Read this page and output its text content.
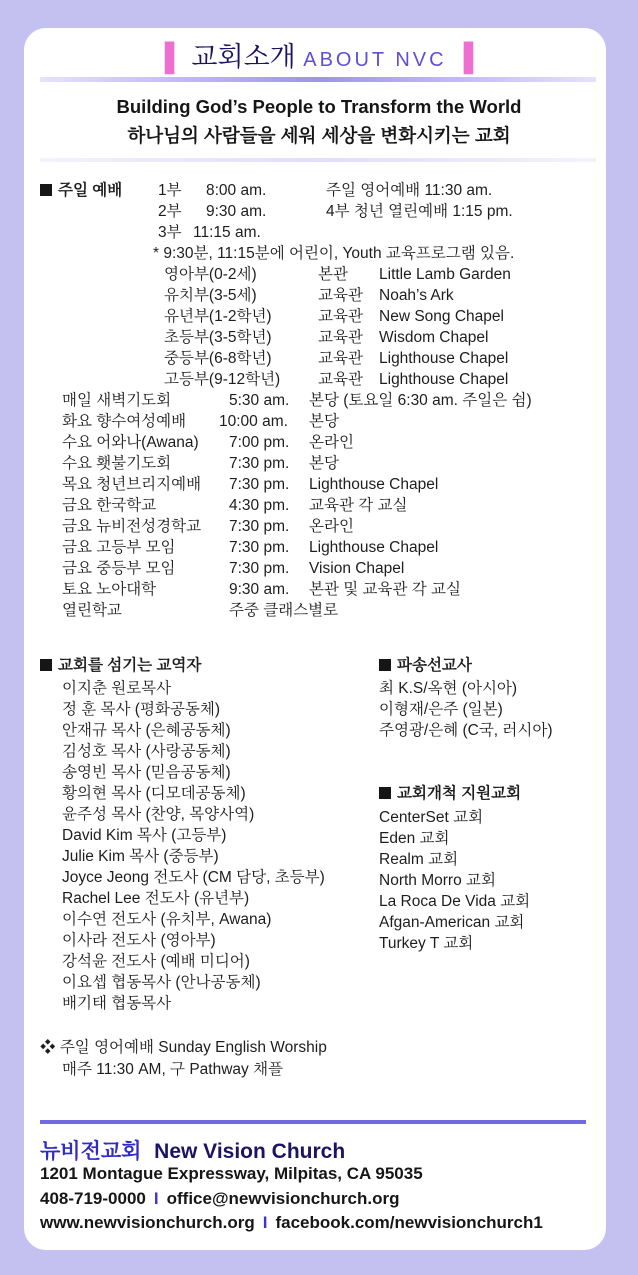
▌ 교회소개 ABOUT NVC ▐
Building God’s People to Transform the World
하나님의 사람들을 세워 세상을 변화시키는 교회
주일 예배 1부 8:00 am.	주일 영어예배 11:30 am.
2부 9:30 am.	4부 청년 열린예배 1:15 pm.
3부 11:15 am.
* 9:30분, 11:15분에 어린이, Youth 교육프로그램 있음.
영아부(0-2세)	본관 Little Lamb Garden
유치부(3-5세)	교육관 Noah’s Ark
유년부(1-2학년)	교육관 New Song Chapel
초등부(3-5학년)	교육관 Wisdom Chapel
중등부(6-8학년)	교육관 Lighthouse Chapel
고등부(9-12학년) 교육관 Lighthouse Chapel
매일 새벽기도회	5:30 am. 본당 (토요일 6:30 am. 주일은 쉼)
화요 향수여성예배 10:00 am. 본당
수요 어와나(Awana) 7:00 pm. 온라인
수요 횃불기도회	7:30 pm. 본당
목요 청년브리지예배 7:30 pm. Lighthouse Chapel
금요 한국학교	4:30 pm. 교육관 각 교실
금요 뉴비전성경학교 7:30 pm. 온라인
금요 고등부 모임	7:30 pm. Lighthouse Chapel
금요 중등부 모임	7:30 pm. Vision Chapel
토요 노아대학	9:30 am. 본관 및 교육관 각 교실
열린학교	주중 클래스별로
교회를 섬기는 교역자
이지춘 원로목사
정 훈 목사 (평화공동체)
안재규 목사 (은혜공동체)
김성호 목사 (사랑공동체)
송영빈 목사 (믿음공동체)
황의현 목사 (디모데공동체)
윤주성 목사 (찬양, 목양사역)
David Kim 목사 (고등부)
Julie Kim 목사 (중등부)
Joyce Jeong 전도사 (CM 담당, 초등부)
Rachel Lee 전도사 (유년부)
이수연 전도사 (유치부, Awana)
이사라 전도사 (영아부)
강석윤 전도사 (예배 미디어)
이요셉 협동목사 (안나공동체)
배기태 협동목사
파송선교사
최 K.S/옥현 (아시아)
이형재/은주 (일본)
주영광/은혜 (C국, 러시아)
교회개척 지원교회
CenterSet 교회
Eden 교회
Realm 교회
North Morro 교회
La Roca De Vida 교회
Afgan-American 교회
Turkey T 교회
❖ 주일 영어예배 Sunday English Worship
매주 11:30 AM, 구 Pathway 채플
뉴비전교회 New Vision Church
1201 Montague Expressway, Milpitas, CA 95035
408-719-0000 I office@newvisionchurch.org
www.newvisionchurch.org I facebook.com/newvisionchurch1
